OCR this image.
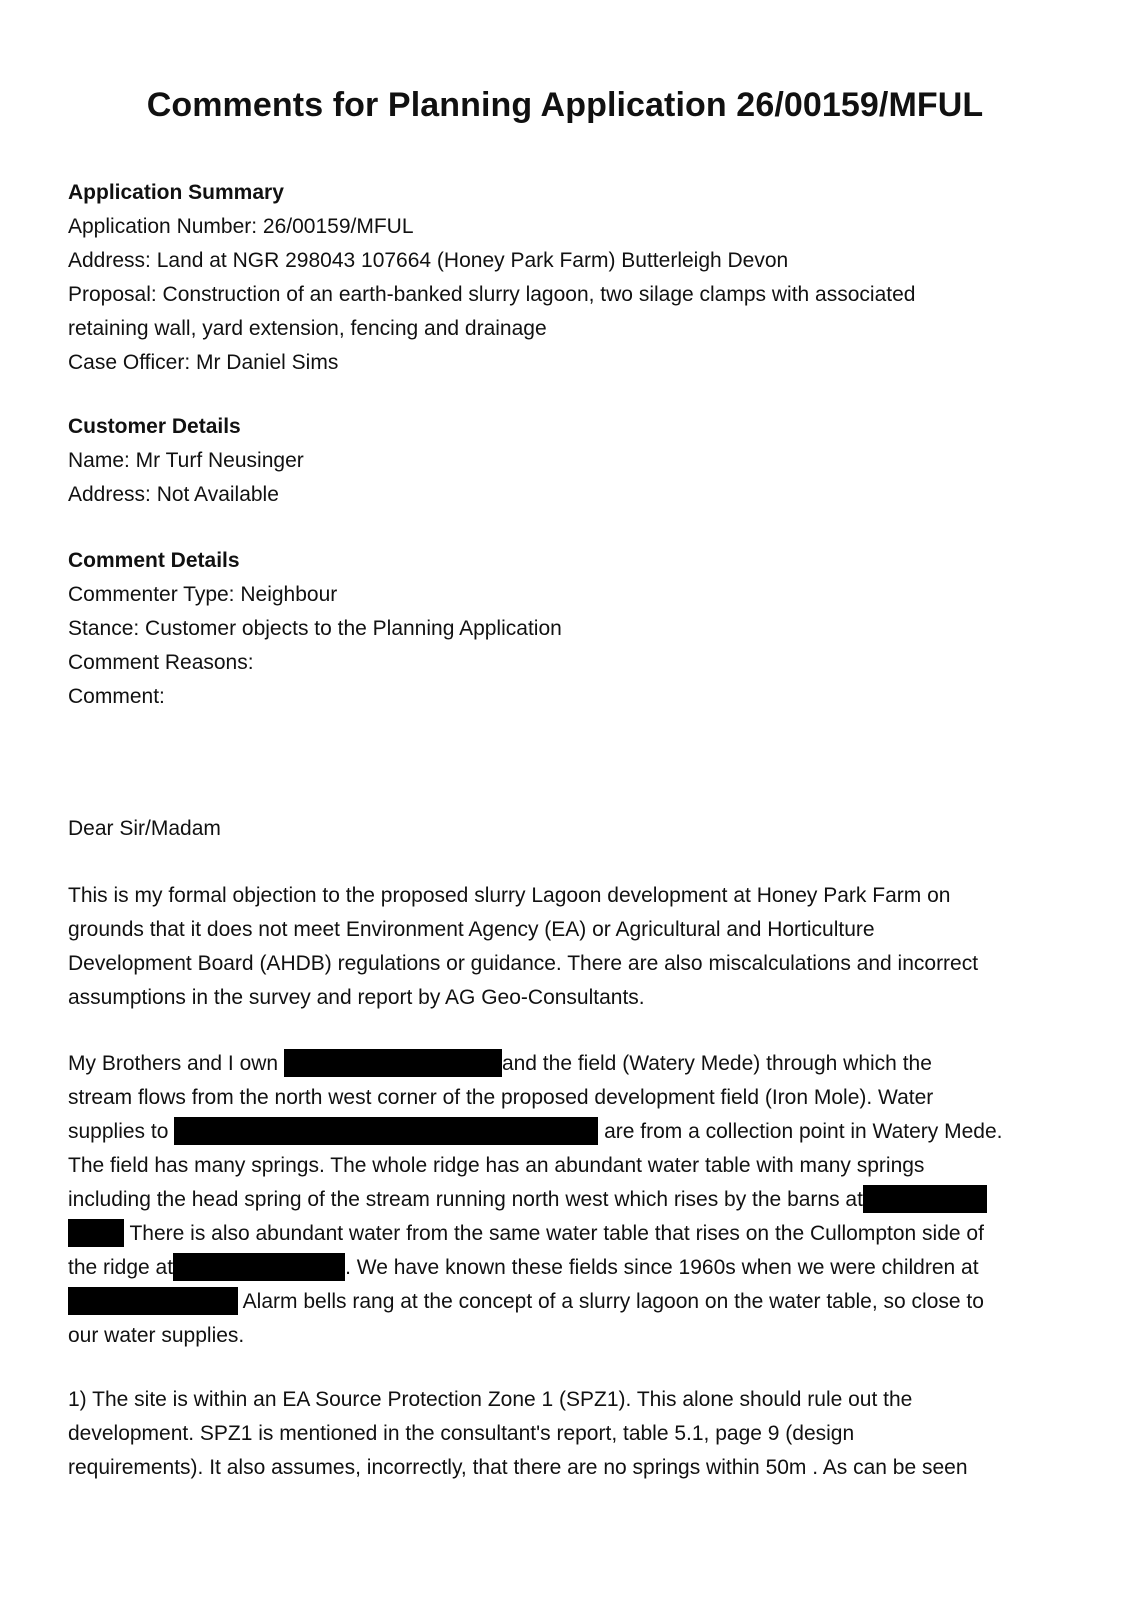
Comments for Planning Application 26/00159/MFUL
Application Summary
Application Number: 26/00159/MFUL
Address: Land at NGR 298043 107664 (Honey Park Farm) Butterleigh Devon
Proposal: Construction of an earth-banked slurry lagoon, two silage clamps with associated
retaining wall, yard extension, fencing and drainage
Case Officer: Mr Daniel Sims
Customer Details
Name: Mr Turf Neusinger
Address: Not Available
Comment Details
Commenter Type: Neighbour
Stance: Customer objects to the Planning Application
Comment Reasons:
Comment:
Dear Sir/Madam
This is my formal objection to the proposed slurry Lagoon development at Honey Park Farm on
grounds that it does not meet Environment Agency (EA) or Agricultural and Horticulture
Development Board (AHDB) regulations or guidance. There are also miscalculations and incorrect
assumptions in the survey and report by AG Geo-Consultants.
My Brothers and I own	and the field (Watery Mede) through which the
stream flows from the north west corner of the proposed development field (Iron Mole). Water
supplies to	are from a collection point in Watery Mede.
The field has many springs. The whole ridge has an abundant water table with many springs
including the head spring of the stream running north west which rises by the barns at
There is also abundant water from the same water table that rises on the Cullompton side of
the ridge at	. We have known these fields since 1960s when we were children at
Alarm bells rang at the concept of a slurry lagoon on the water table, so close to
our water supplies.
1) The site is within an EA Source Protection Zone 1 (SPZ1). This alone should rule out the
development. SPZ1 is mentioned in the consultant's report, table 5.1, page 9 (design
requirements). It also assumes, incorrectly, that there are no springs within 50m . As can be seen
